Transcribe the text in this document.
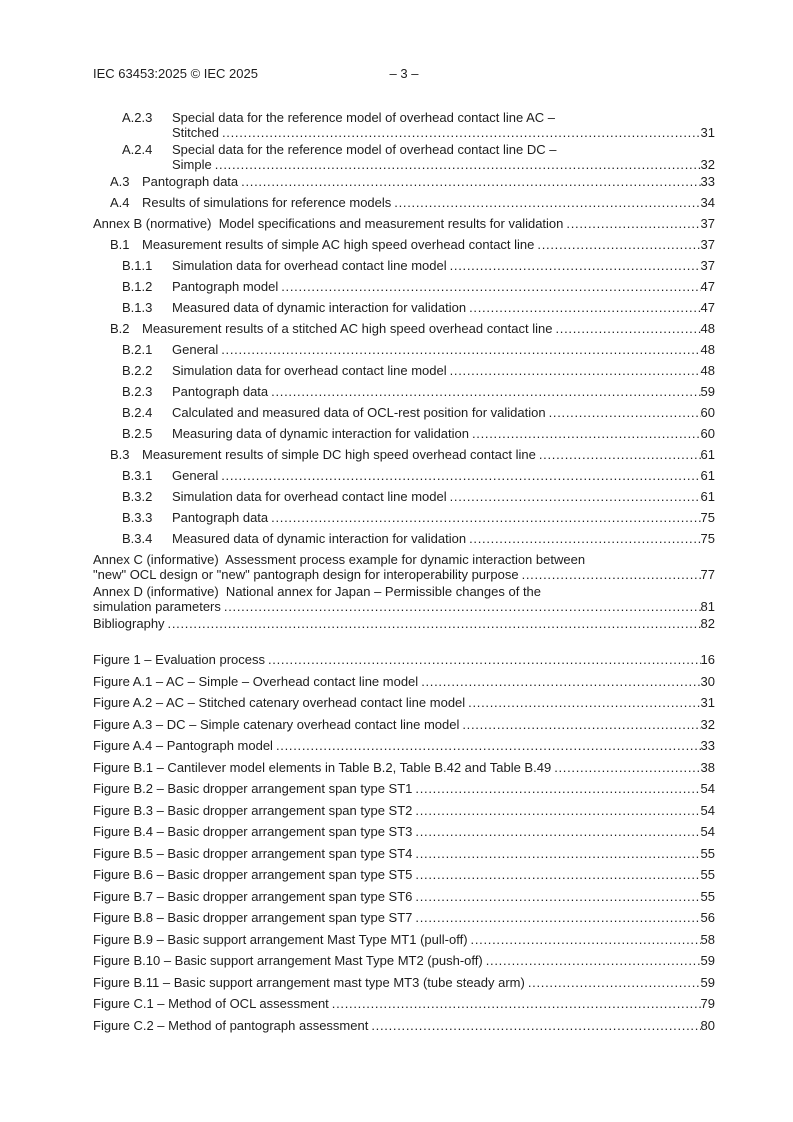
IEC 63453:2025 © IEC 2025	– 3 –
A.2.3 Special data for the reference model of overhead contact line AC –
Stitched .....	31
A.2.4 Special data for the reference model of overhead contact line DC –
Simple .....	32
A.3 Pantograph data .....	33
A.4 Results of simulations for reference models .....	34
Annex B (normative)  Model specifications and measurement results for validation .....	37
B.1 Measurement results of simple AC high speed overhead contact line .....	37
B.1.1 Simulation data for overhead contact line model .....	37
B.1.2 Pantograph model .....	47
B.1.3 Measured data of dynamic interaction for validation .....	47
B.2 Measurement results of a stitched AC high speed overhead contact line .....	48
B.2.1 General .....	48
B.2.2 Simulation data for overhead contact line model .....	48
B.2.3 Pantograph data .....	59
B.2.4 Calculated and measured data of OCL-rest position for validation .....	60
B.2.5 Measuring data of dynamic interaction for validation .....	60
B.3 Measurement results of simple DC high speed overhead contact line .....	61
B.3.1 General .....	61
B.3.2 Simulation data for overhead contact line model .....	61
B.3.3 Pantograph data .....	75
B.3.4 Measured data of dynamic interaction for validation .....	75
Annex C (informative)  Assessment process example for dynamic interaction between
"new" OCL design or "new" pantograph design for interoperability purpose .....	77
Annex D (informative)  National annex for Japan – Permissible changes of the
simulation parameters .....	81
Bibliography .....	82
Figure 1 – Evaluation process .....	16
Figure A.1 – AC – Simple – Overhead contact line model .....	30
Figure A.2 – AC – Stitched catenary overhead contact line model .....	31
Figure A.3 – DC – Simple catenary overhead contact line model .....	32
Figure A.4 – Pantograph model .....	33
Figure B.1 – Cantilever model elements in Table B.2, Table B.42 and Table B.49 .....	38
Figure B.2 – Basic dropper arrangement span type ST1 .....	54
Figure B.3 – Basic dropper arrangement span type ST2 .....	54
Figure B.4 – Basic dropper arrangement span type ST3 .....	54
Figure B.5 – Basic dropper arrangement span type ST4 .....	55
Figure B.6 – Basic dropper arrangement span type ST5 .....	55
Figure B.7 – Basic dropper arrangement span type ST6 .....	55
Figure B.8 – Basic dropper arrangement span type ST7 .....	56
Figure B.9 – Basic support arrangement Mast Type MT1 (pull-off) .....	58
Figure B.10 – Basic support arrangement Mast Type MT2 (push-off) .....	59
Figure B.11 – Basic support arrangement mast type MT3 (tube steady arm) .....	59
Figure C.1 – Method of OCL assessment .....	79
Figure C.2 – Method of pantograph assessment .....	80
